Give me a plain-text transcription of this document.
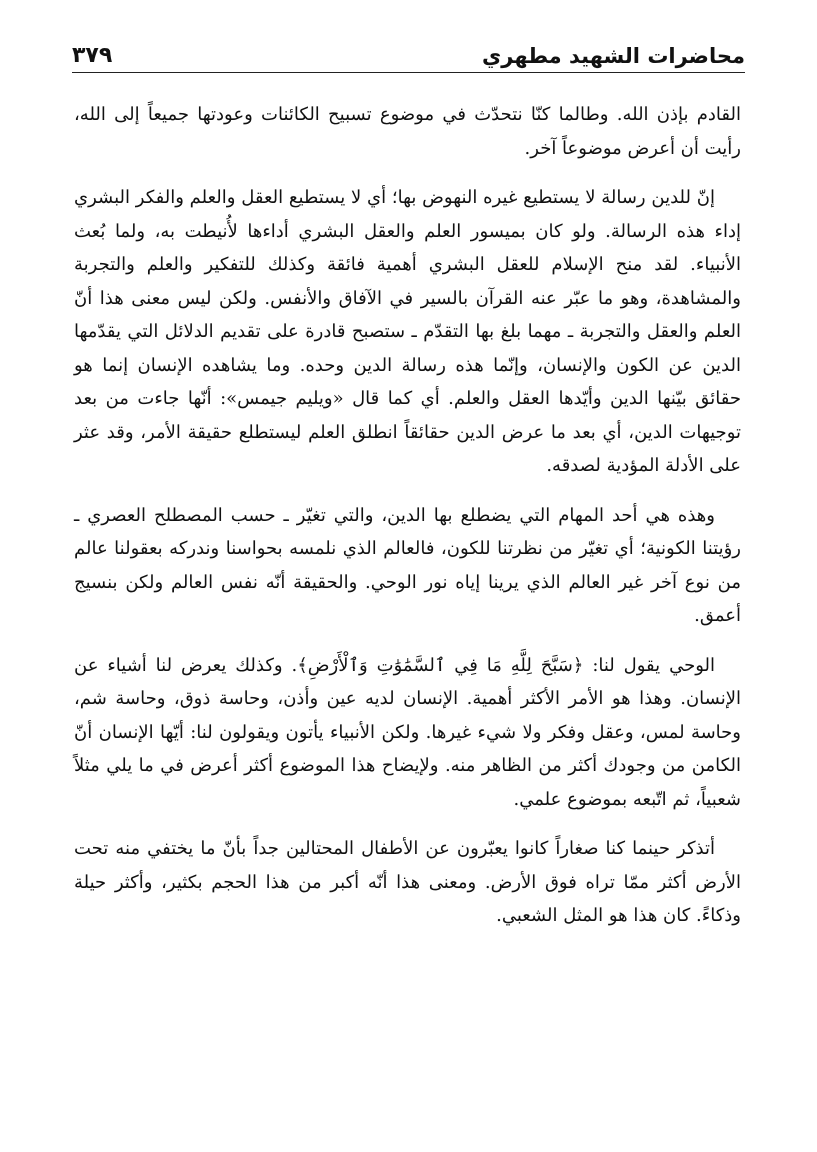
محاضرات الشهيد مطهري
٣٧٩

القادم بإذن الله. وطالما كنّا نتحدّث في موضوع تسبيح الكائنات وعودتها جميعاً إلى الله، رأيت أن أعرض موضوعاً آخر.

إنّ للدين رسالة لا يستطيع غيره النهوض بها؛ أي لا يستطيع العقل والعلم والفكر البشري إداء هذه الرسالة. ولو كان بميسور العلم والعقل البشري أداءها لأُنيطت به، ولما بُعث الأنبياء. لقد منح الإسلام للعقل البشري أهمية فائقة وكذلك للتفكير والعلم والتجربة والمشاهدة، وهو ما عبّر عنه القرآن بالسير في الآفاق والأنفس. ولكن ليس معنى هذا أنّ العلم والعقل والتجربة ـ مهما بلغ بها التقدّم ـ ستصبح قادرة على تقديم الدلائل التي يقدّمها الدين عن الكون والإنسان، وإنّما هذه رسالة الدين وحده. وما يشاهده الإنسان إنما هو حقائق بيّنها الدين وأيّدها العقل والعلم. أي كما قال «ويليم جيمس»: أنّها جاءت من بعد توجيهات الدين، أي بعد ما عرض الدين حقائقاً انطلق العلم ليستطلع حقيقة الأمر، وقد عثر على الأدلة المؤدية لصدقه.

وهذه هي أحد المهام التي يضطلع بها الدين، والتي تغيّر ـ حسب المصطلح العصري ـ رؤيتنا الكونية؛ أي تغيّر من نظرتنا للكون، فالعالم الذي نلمسه بحواسنا وندركه بعقولنا عالم من نوع آخر غير العالم الذي يرينا إياه نور الوحي. والحقيقة أنّه نفس العالم ولكن بنسيج أعمق.

الوحي يقول لنا: ﴿سَبَّحَ لِلَّهِ مَا فِي ٱلسَّمَٰوَٰتِ وَٱلْأَرْضِ﴾. وكذلك يعرض لنا أشياء عن الإنسان. وهذا هو الأمر الأكثر أهمية. الإنسان لديه عين وأذن، وحاسة ذوق، وحاسة شم، وحاسة لمس، وعقل وفكر ولا شيء غيرها. ولكن الأنبياء يأتون ويقولون لنا: أيّها الإنسان أنّ الكامن من وجودك أكثر من الظاهر منه. ولإيضاح هذا الموضوع أكثر أعرض في ما يلي مثلاً شعبياً، ثم اتّبعه بموضوع علمي.

أتذكر حينما كنا صغاراً كانوا يعبّرون عن الأطفال المحتالين جداً بأنّ ما يختفي منه تحت الأرض أكثر ممّا تراه فوق الأرض. ومعنى هذا أنّه أكبر من هذا الحجم بكثير، وأكثر حيلة وذكاءً. كان هذا هو المثل الشعبي.
